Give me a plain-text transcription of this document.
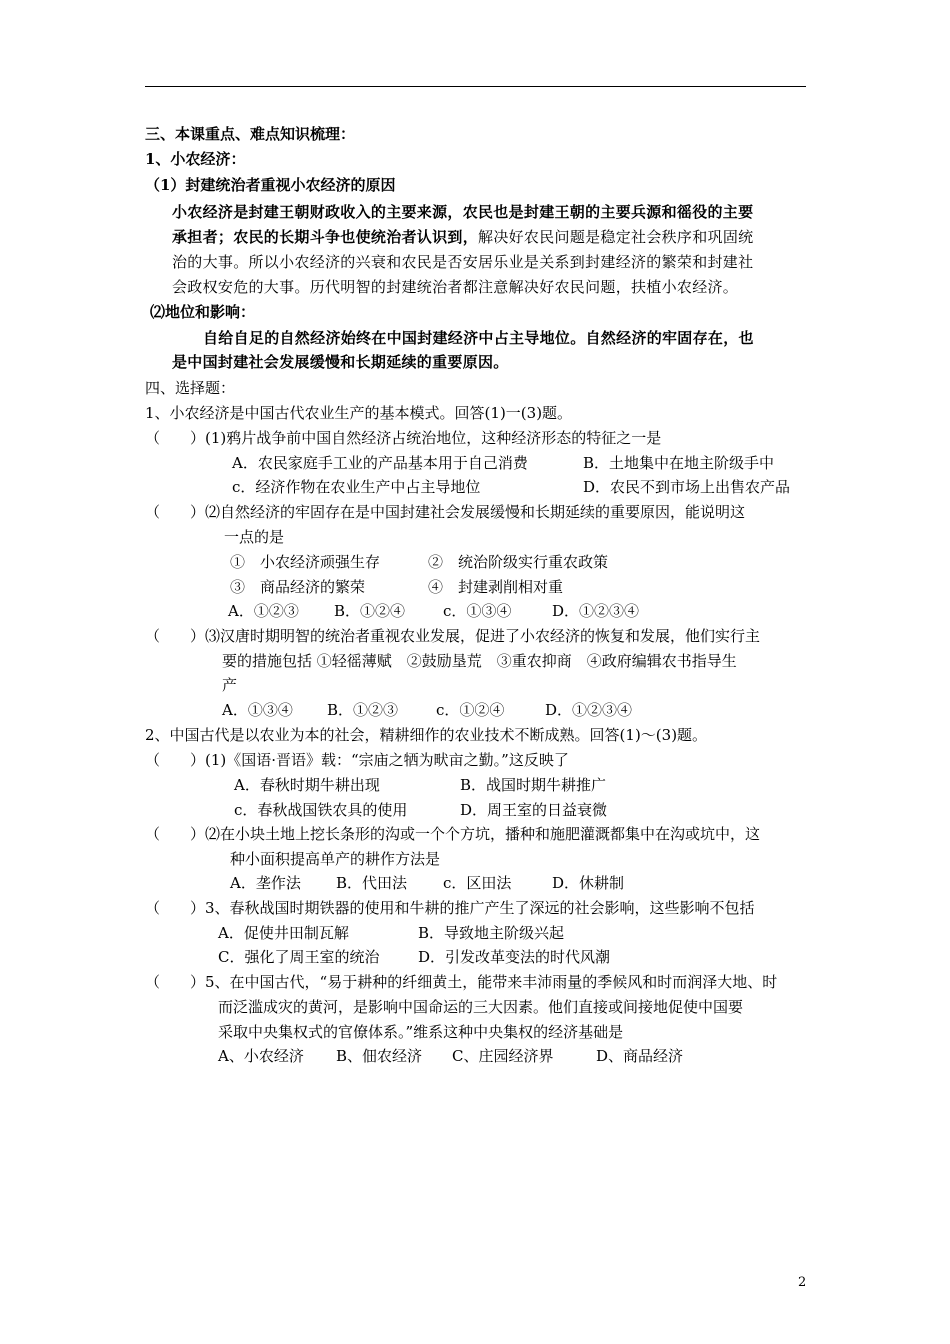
三、本课重点、难点知识梳理：
1、小农经济：
（1）封建统治者重视小农经济的原因
小农经济是封建王朝财政收入的主要来源，农民也是封建王朝的主要兵源和徭役的主要
承担者；农民的长期斗争也使统治者认识到，解决好农民问题是稳定社会秩序和巩固统
治的大事。所以小农经济的兴衰和农民是否安居乐业是关系到封建经济的繁荣和封建社
会政权安危的大事。历代明智的封建统治者都注意解决好农民问题，扶植小农经济。
⑵地位和影响：
自给自足的自然经济始终在中国封建经济中占主导地位。自然经济的牢固存在，也
是中国封建社会发展缓慢和长期延续的重要原因。
四、选择题：
1、小农经济是中国古代农业生产的基本模式。回答(1)一(3)题。
（　　）(1)鸦片战争前中国自然经济占统治地位，这种经济形态的特征之一是
A．农民家庭手工业的产品基本用于自己消费	B．土地集中在地主阶级手中
c．经济作物在农业生产中占主导地位	D．农民不到市场上出售农产品
（　　）⑵自然经济的牢固存在是中国封建社会发展缓慢和长期延续的重要原因，能说明这
一点的是
①　小农经济顽强生存	②　统治阶级实行重农政策
③　商品经济的繁荣	④　封建剥削相对重
A．①②③ B．①②④	c．①③④	D．①②③④
（　　）⑶汉唐时期明智的统治者重视农业发展，促进了小农经济的恢复和发展，他们实行主
要的措施包括 ①轻徭薄赋　②鼓励垦荒　③重农抑商　④政府编辑农书指导生
产
A．①③④ B．①②③	c．①②④	D．①②③④
2、中国古代是以农业为本的社会，精耕细作的农业技术不断成熟。回答(1)～(3)题。
（　　）(1)《国语·晋语》载：“宗庙之牺为畎亩之勤。”这反映了
A．春秋时期牛耕出现	B．战国时期牛耕推广
c．春秋战国铁农具的使用	D．周王室的日益衰微
（　　）⑵在小块土地上挖长条形的沟或一个个方坑，播种和施肥灌溉都集中在沟或坑中，这
种小面积提高单产的耕作方法是
A．垄作法 B．代田法 c．区田法	D．休耕制
（　　）3、春秋战国时期铁器的使用和牛耕的推广产生了深远的社会影响，这些影响不包括
A．促使井田制瓦解	B．导致地主阶级兴起
C．强化了周王室的统治	D．引发改革变法的时代风潮
（　　）5、在中国古代，“易于耕种的纤细黄土，能带来丰沛雨量的季候风和时而润泽大地、时
而泛滥成灾的黄河，是影响中国命运的三大因素。他们直接或间接地促使中国要
采取中央集权式的官僚体系。”维系这种中央集权的经济基础是
A、小农经济 B、佃农经济 C、庄园经济界	D、商品经济
2
